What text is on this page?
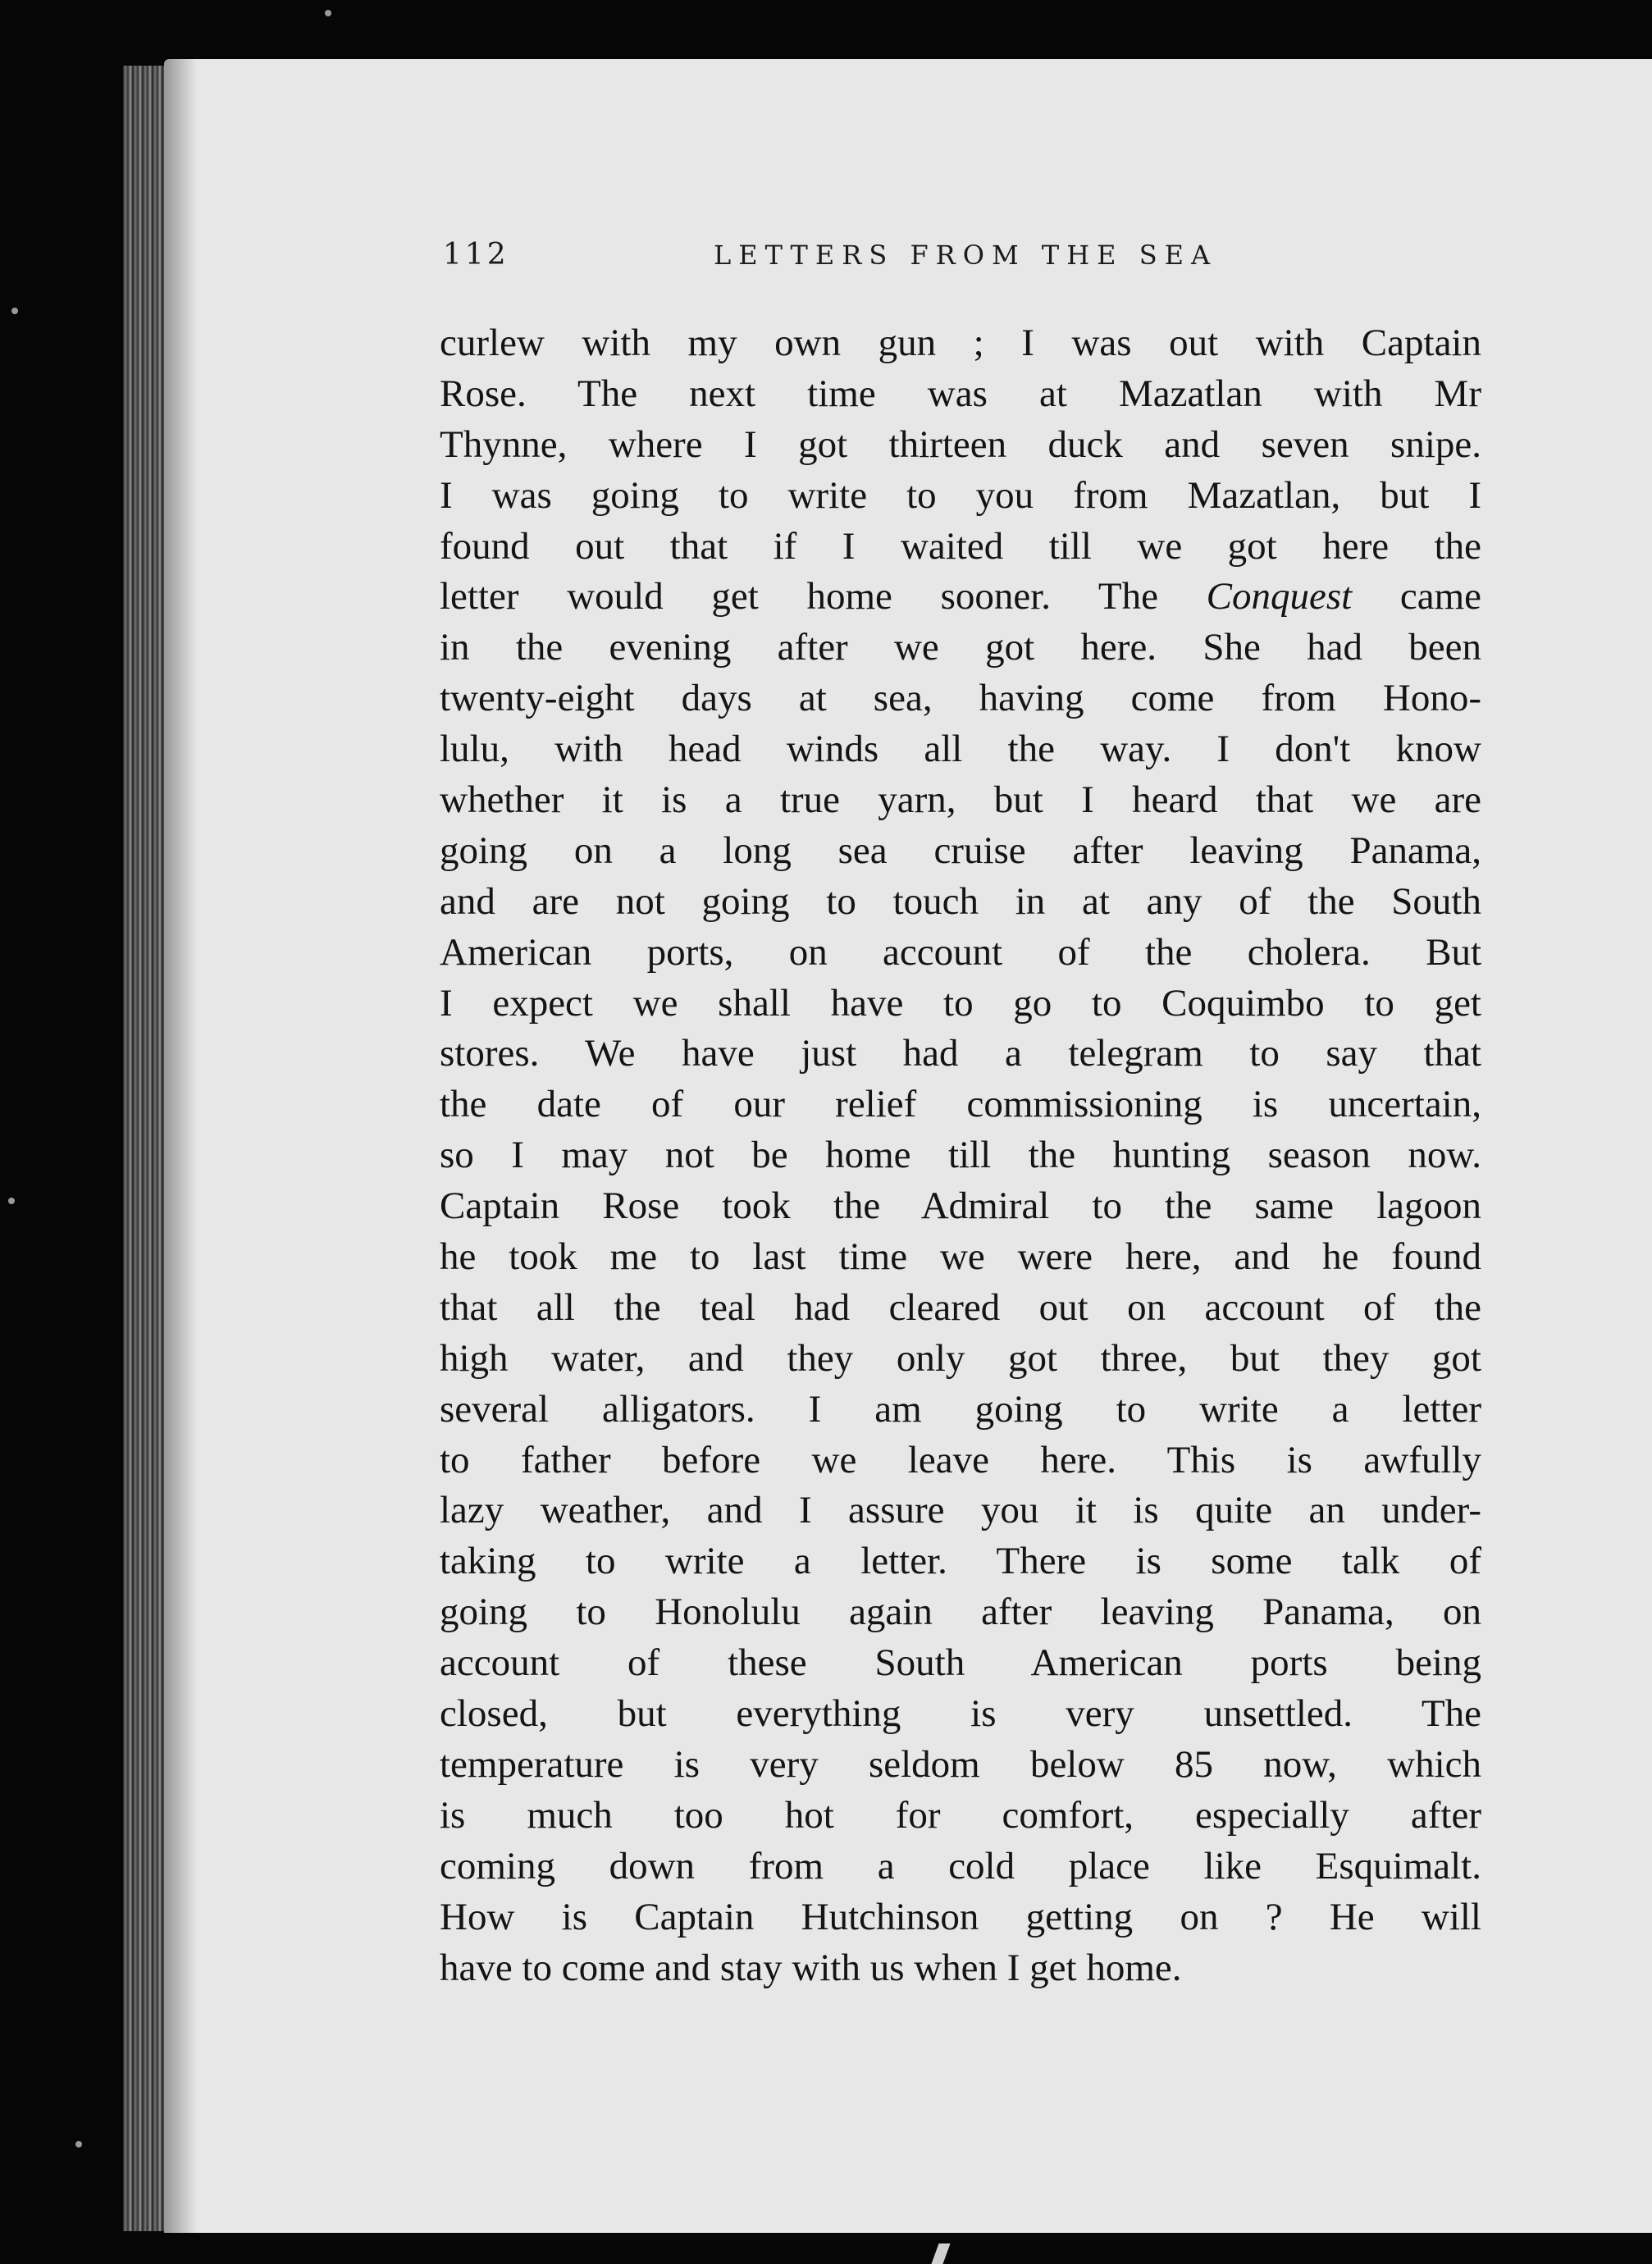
112	LETTERS FROM THE SEA
curlew with my own gun ; I was out with Captain
Rose. The next time was at Mazatlan with Mr
Thynne, where I got thirteen duck and seven snipe.
I was going to write to you from Mazatlan, but I
found out that if I waited till we got here the
letter would get home sooner. The Conquest came
in the evening after we got here. She had been
twenty-eight days at sea, having come from Hono-
lulu, with head winds all the way. I don't know
whether it is a true yarn, but I heard that we are
going on a long sea cruise after leaving Panama,
and are not going to touch in at any of the South
American ports, on account of the cholera. But
I expect we shall have to go to Coquimbo to get
stores. We have just had a telegram to say that
the date of our relief commissioning is uncertain,
so I may not be home till the hunting season now.
Captain Rose took the Admiral to the same lagoon
he took me to last time we were here, and he found
that all the teal had cleared out on account of the
high water, and they only got three, but they got
several alligators. I am going to write a letter
to father before we leave here. This is awfully
lazy weather, and I assure you it is quite an under-
taking to write a letter. There is some talk of
going to Honolulu again after leaving Panama, on
account of these South American ports being
closed, but everything is very unsettled. The
temperature is very seldom below 85 now, which
is much too hot for comfort, especially after
coming down from a cold place like Esquimalt.
How is Captain Hutchinson getting on ? He will
have to come and stay with us when I get home.
